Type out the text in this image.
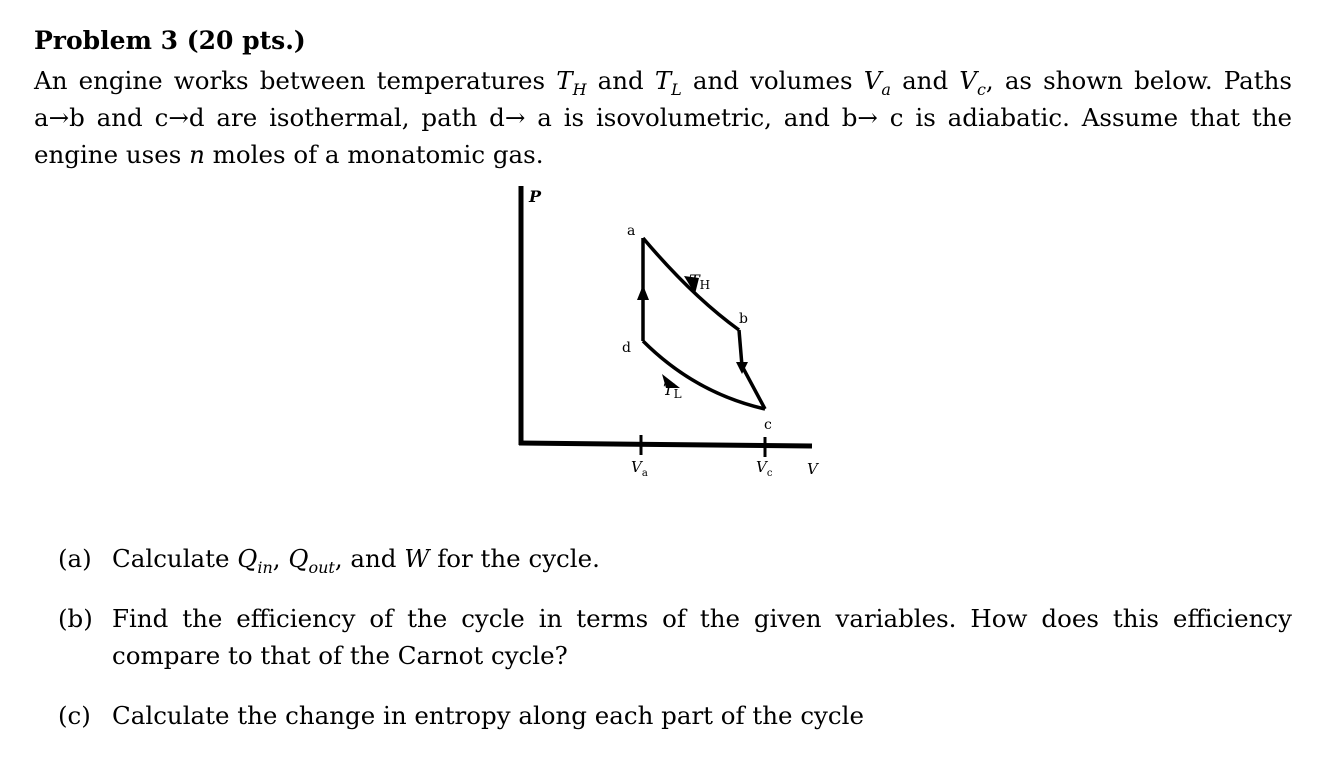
Problem 3 (20 pts.)
An engine works between temperatures $T_H$ and $T_L$ and volumes $V_a$ and $V_c$, as shown below. Paths a→b and c→d are isothermal, path d→ a is isovolumetric, and b→ c is adiabatic. Assume that the engine uses n moles of a monatomic gas.
P
V
$V_a$	$V_c$
a
b
c
d
TH
TL
(a) Calculate $Q_{in}$, $Q_{out}$, and W for the cycle.
(b) Find the efficiency of the cycle in terms of the given variables. How does this efficiency compare to that of the Carnot cycle?
(c) Calculate the change in entropy along each part of the cycle
